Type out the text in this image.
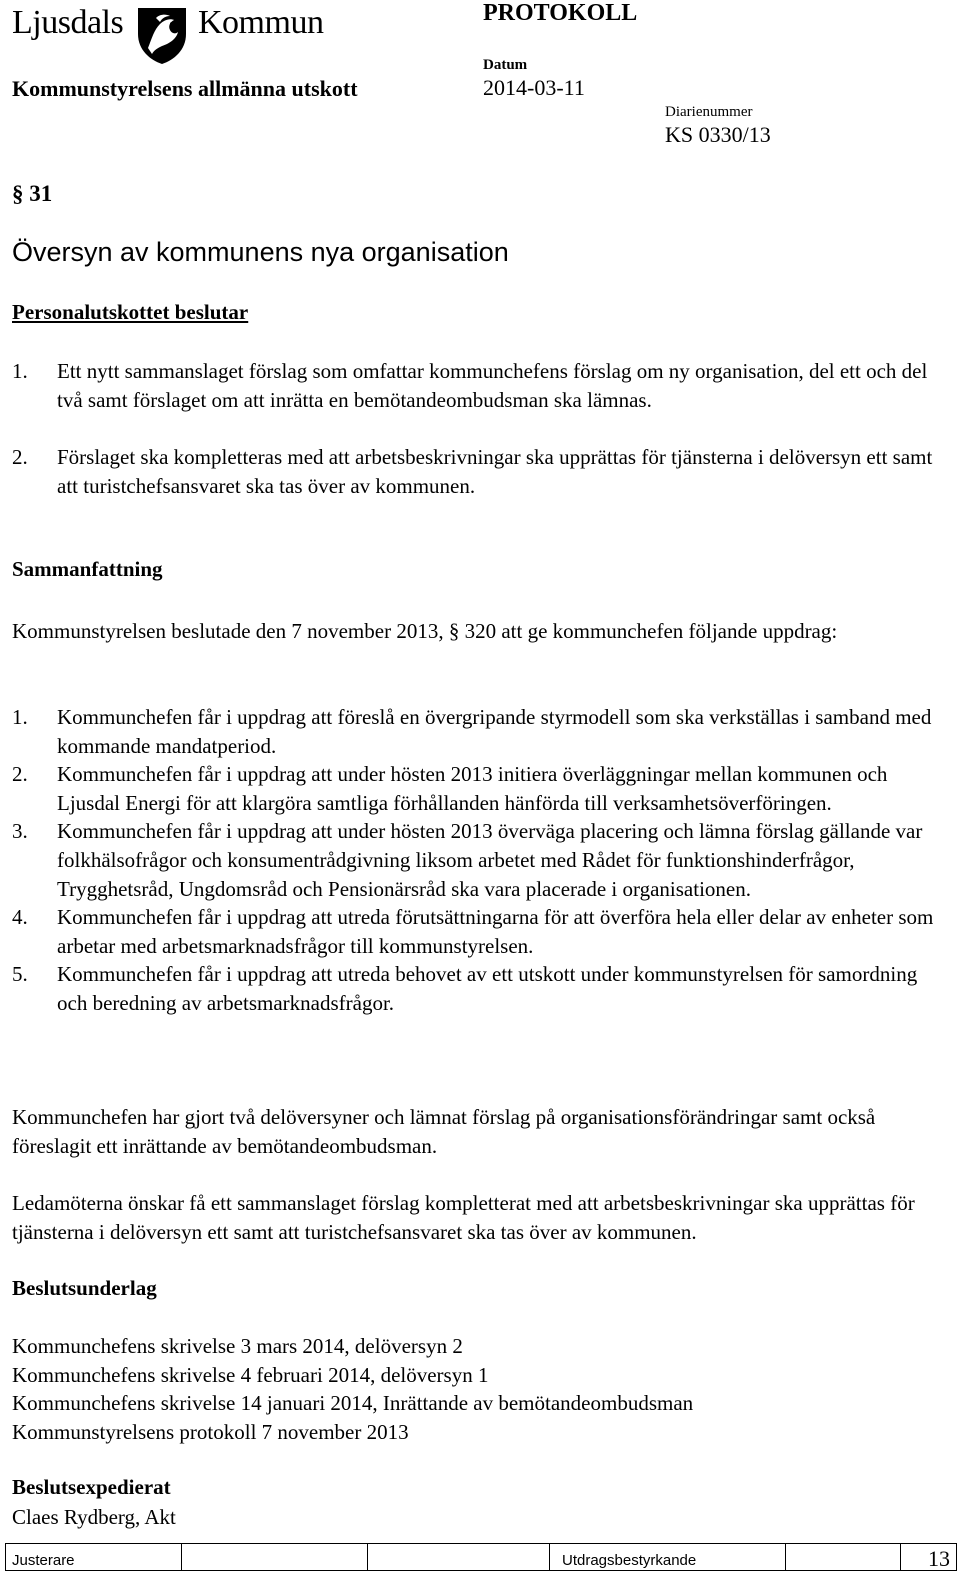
Ljusdals Kommun	PROTOKOLL
Kommunstyrelsens allmänna utskott
Datum
2014-03-11
Diarienummer
KS 0330/13
§ 31
Översyn av kommunens nya organisation
Personalutskottet beslutar
1. Ett nytt sammanslaget förslag som omfattar kommunchefens förslag om ny organisation, del ett och del två samt förslaget om att inrätta en bemötandeombudsman ska lämnas.
2. Förslaget ska kompletteras med att arbetsbeskrivningar ska upprättas för tjänsterna i delöversyn ett samt att turistchefsansvaret ska tas över av kommunen.
Sammanfattning
Kommunstyrelsen beslutade den 7 november 2013, § 320 att ge kommunchefen följande uppdrag:
1. Kommunchefen får i uppdrag att föreslå en övergripande styrmodell som ska verkställas i samband med kommande mandatperiod.
2. Kommunchefen får i uppdrag att under hösten 2013 initiera överläggningar mellan kommunen och Ljusdal Energi för att klargöra samtliga förhållanden hänförda till verksamhetsöverföringen.
3. Kommunchefen får i uppdrag att under hösten 2013 överväga placering och lämna förslag gällande var folkhälsofrågor och konsumentrådgivning liksom arbetet med Rådet för funktionshinderfrågor, Trygghetsråd, Ungdomsråd och Pensionärsråd ska vara placerade i organisationen.
4. Kommunchefen får i uppdrag att utreda förutsättningarna för att överföra hela eller delar av enheter som arbetar med arbetsmarknadsfrågor till kommunstyrelsen.
5. Kommunchefen får i uppdrag att utreda behovet av ett utskott under kommunstyrelsen för samordning och beredning av arbetsmarknadsfrågor.
Kommunchefen har gjort två delöversyner och lämnat förslag på organisationsförändringar samt också föreslagit ett inrättande av bemötandeombudsman.
Ledamöterna önskar få ett sammanslaget förslag kompletterat med att arbetsbeskrivningar ska upprättas för tjänsterna i delöversyn ett samt att turistchefsansvaret ska tas över av kommunen.
Beslutsunderlag
Kommunchefens skrivelse 3 mars 2014, delöversyn 2
Kommunchefens skrivelse 4 februari 2014, delöversyn 1
Kommunchefens skrivelse 14 januari 2014, Inrättande av bemötandeombudsman
Kommunstyrelsens protokoll 7 november 2013
Beslutsexpedierat
Claes Rydberg, Akt
Justerare	Utdragsbestyrkande	13
